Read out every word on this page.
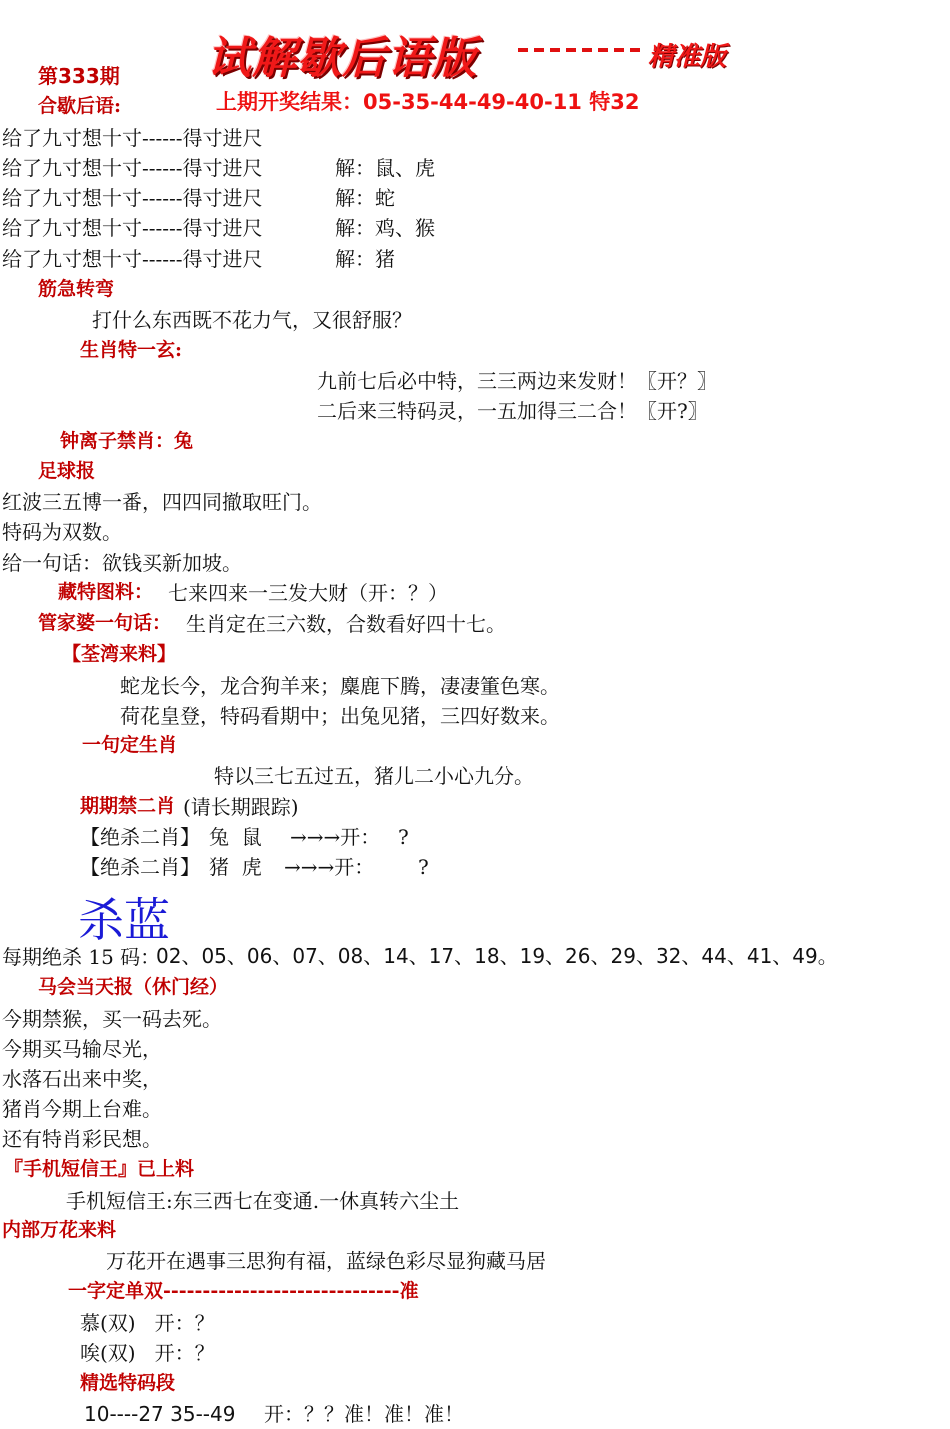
试解歇后语版	精准版
第333期
合歇后语:	上期开奖结果：05-35-44-49-40-11 特32
给了九寸想十寸------得寸进尺
给了九寸想十寸------得寸进尺	解：鼠、虎
给了九寸想十寸------得寸进尺	解：蛇
给了九寸想十寸------得寸进尺	解：鸡、猴
给了九寸想十寸------得寸进尺	解：猪
筋急转弯
打什么东西既不花力气，又很舒服？
生肖特一玄:
九前七后必中特，三三两边来发财！〖开？〗
二后来三特码灵，一五加得三二合！〖开?〗
钟离子禁肖：兔
足球报
红波三五博一番，四四同撤取旺门。
特码为双数。
给一句话：欲钱买新加坡。
藏特图料： 七来四来一三发大财（开：？）
管家婆一句话： 生肖定在三六数，合数看好四十七。
【荃湾来料】
蛇龙长今，龙合狗羊来；麋鹿下腾，凄凄箽色寒。
荷花皇登，特码看期中；出兔见猪，三四好数来。
一句定生肖
特以三七五过五，猪儿二小心九分。
期期禁二肖 (请长期跟踪)
【绝杀二肖】 兔  鼠 →→→开： ?
【绝杀二肖】 猪  虎 →→→开： ?
杀蓝
每期绝杀 15 码：
02、05、06、07、08、14、17、18、19、26、29、32、44、41、49。
马会当天报（休门经）
今期禁猴，买一码去死。
今期买马输尽光，
水落石出来中奖，
猪肖今期上台难。
还有特肖彩民想。
『手机短信王』已上料
手机短信王:东三西七在变通.一休真转六尘土
内部万花来料
万花开在遇事三思狗有福，蓝绿色彩尽显狗藏马居
一字定单双------------------------------准
慕(双)   开：？
唉(双)   开：？
精选特码段
10----27 35--49 开：？？准！准！准！
